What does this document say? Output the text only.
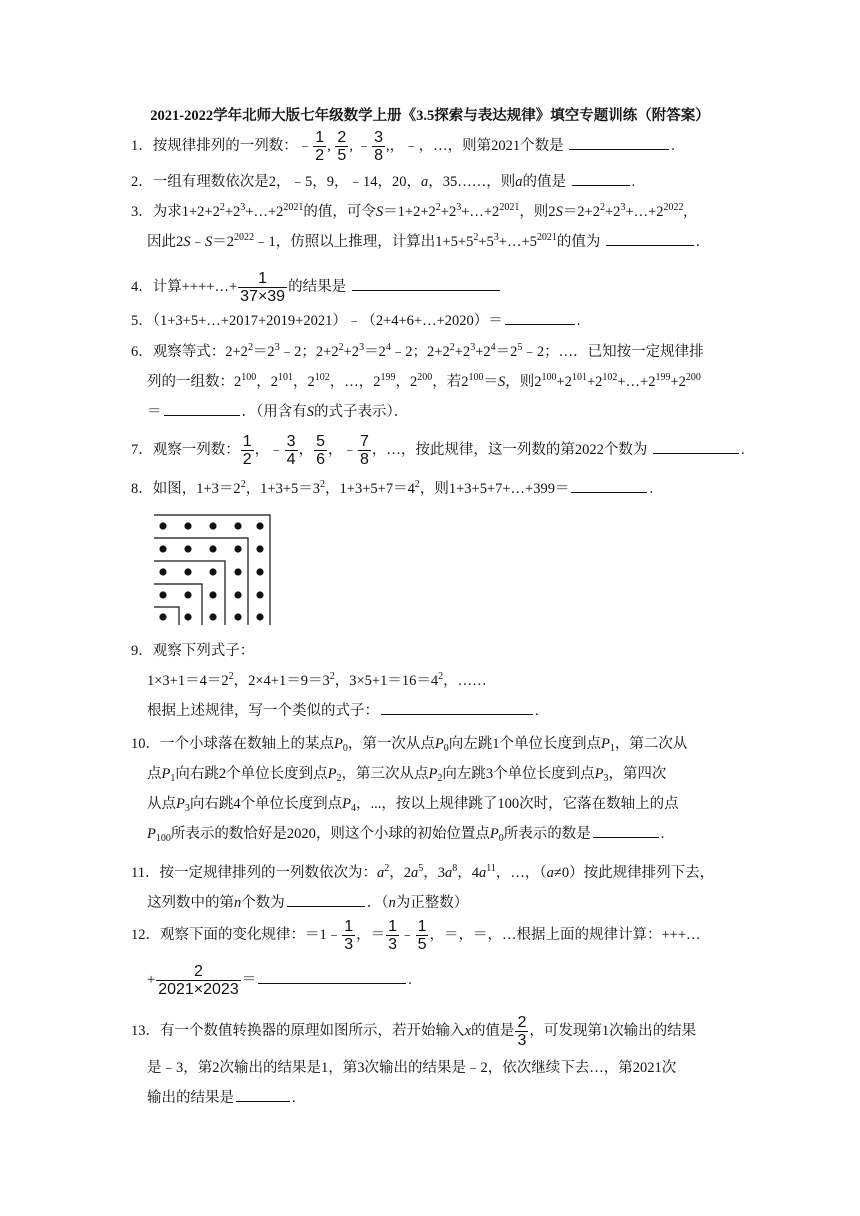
2021-2022学年北师大版七年级数学上册《3.5探索与表达规律》填空专题训练（附答案）
1．按规律排列的一列数：﹣ $\frac{1}{2}$ , $\frac{2}{5}$ , ﹣ $\frac{3}{8}$ ,，﹣，…，则第2021个数是	.
2．一组有理数依次是2，﹣5，9，﹣14，20，a，35……，则a的值是	.
3．为求$1+2+2^2+2^3+\dots+2^{2021}$的值，可令$S=1+2+2^2+2^3+\dots+2^{2021}$，则$2S=2+2^2+2^3+\dots+2^{2022}$,
因此$2S﹣S=2^{2022}﹣1$，仿照以上推理，计算出$1+5+5^2+5^3+\dots+5^{2021}$的值为	.
4．计算++++…+ $\frac{1}{37\times 39}$ 的结果是
5．（1+3+5+…+2017+2019+2021）﹣（2+4+6+…+2020）＝	.
6．观察等式：$2+2^2=2^3﹣2$；$2+2^2+2^3=2^4﹣2$；$2+2^2+2^3+2^4=2^5﹣2$；…．已知按一定规律排
列的一组数：$2^{100}$，$2^{101}$，$2^{102}$，…，$2^{199}$，$2^{200}$，若$2^{100}=S$，则$2^{100}+2^{101}+2^{102}+\dots+2^{199}+2^{200}$
＝	．（用含有S的式子表示）．
7．观察一列数： $\frac{1}{2}$ ，﹣ $\frac{3}{4}$ ， $\frac{5}{6}$ ，﹣ $\frac{7}{8}$ ，…，按此规律，这一列数的第2022个数为	.
8．如图，$1+3=2^2$，$1+3+5=3^2$，$1+3+5+7=4^2$，则1+3+5+7+…+399＝	.
9．观察下列式子：
$1\times 3+1=4=2^2$，$2\times 4+1=9=3^2$，$3\times 5+1=16=4^2$，……
根据上述规律，写一个类似的式子：	.
10．一个小球落在数轴上的某点$P_0$，第一次从点$P_0$向左跳1个单位长度到点$P_1$，第二次从
点$P_1$向右跳2个单位长度到点$P_2$，第三次从点$P_2$向左跳3个单位长度到点$P_3$，第四次
从点$P_3$向右跳4个单位长度到点$P_4$，...，按以上规律跳了100次时，它落在数轴上的点
$P_{100}$所表示的数恰好是2020，则这个小球的初始位置点$P_0$所表示的数是	.
11．按一定规律排列的一列数依次为：$a^2$，$2a^5$，$3a^8$，$4a^{11}$，…，（a≠0）按此规律排列下去，
这列数中的第n个数为	．（n为正整数）
12．观察下面的变化规律：＝1﹣ $\frac{1}{3}$ ，＝ $\frac{1}{3}$ ﹣ $\frac{1}{5}$ ，＝，＝，…根据上面的规律计算：+++…
+ $\frac{2}{2021\times 2023}$ ＝	.
13．有一个数值转换器的原理如图所示，若开始输入x的值是 $\frac{2}{3}$ ，可发现第1次输出的结果
是﹣3，第2次输出的结果是1，第3次输出的结果是﹣2，依次继续下去…，第2021次
输出的结果是	.
